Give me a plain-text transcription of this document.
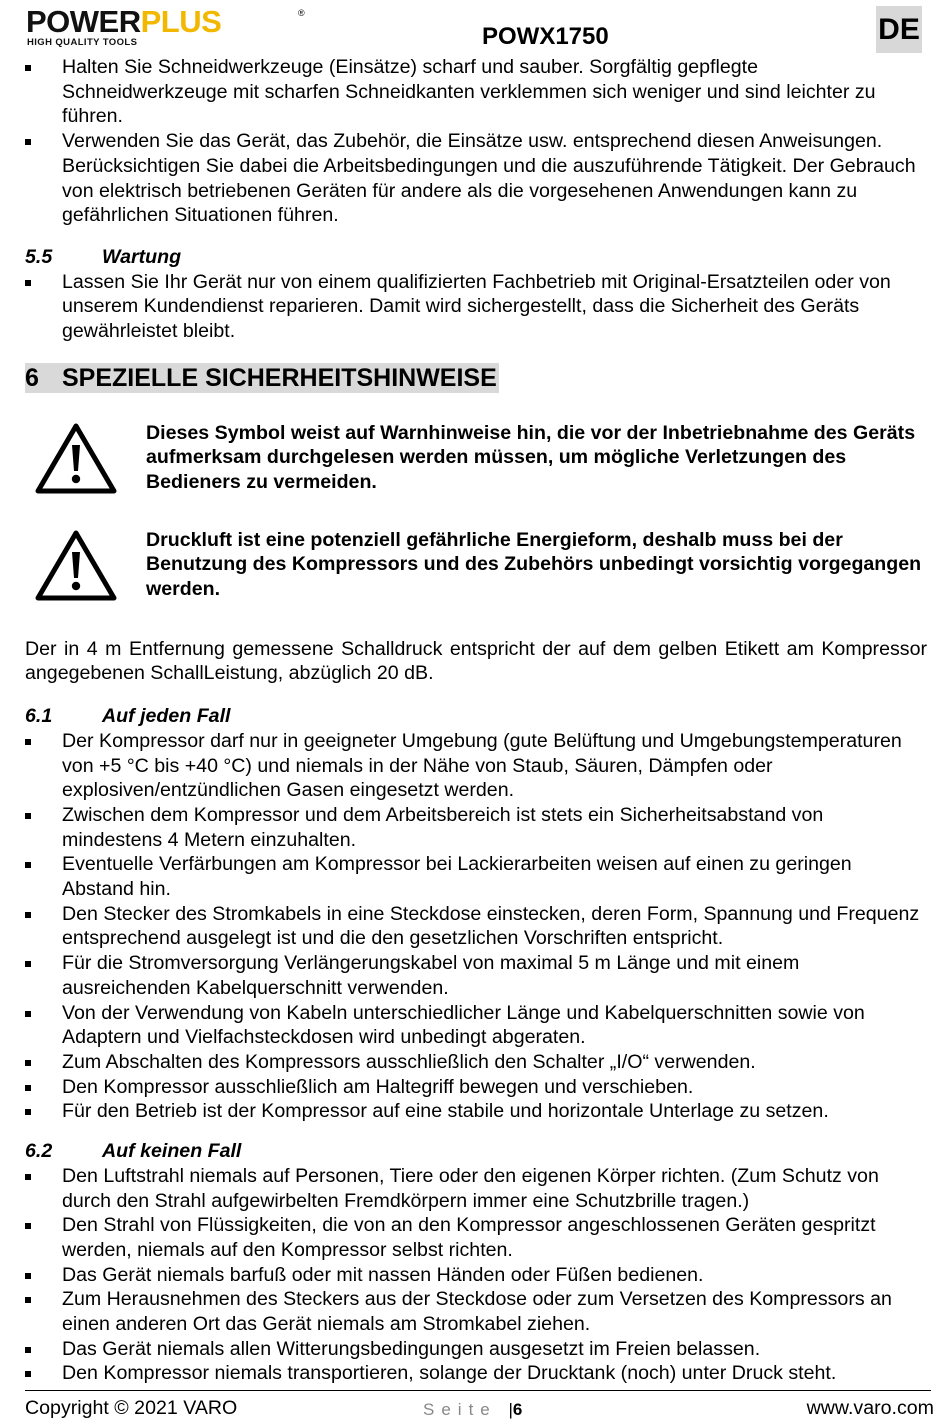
POWERPLUS	®
HIGH QUALITY TOOLS	POWX1750	DE
Halten Sie Schneidwerkzeuge (Einsätze) scharf und sauber. Sorgfältig gepflegte Schneidwerkzeuge mit scharfen Schneidkanten verklemmen sich weniger und sind leichter zu führen.
Verwenden Sie das Gerät, das Zubehör, die Einsätze usw. entsprechend diesen Anweisungen. Berücksichtigen Sie dabei die Arbeitsbedingungen und die auszuführende Tätigkeit. Der Gebrauch von elektrisch betriebenen Geräten für andere als die vorgesehenen Anwendungen kann zu gefährlichen Situationen führen.
5.5	Wartung
Lassen Sie Ihr Gerät nur von einem qualifizierten Fachbetrieb mit Original-Ersatzteilen oder von unserem Kundendienst reparieren. Damit wird sichergestellt, dass die Sicherheit des Geräts gewährleistet bleibt.
6 SPEZIELLE SICHERHEITSHINWEISE
Dieses Symbol weist auf Warnhinweise hin, die vor der Inbetriebnahme des Geräts aufmerksam durchgelesen werden müssen, um mögliche Verletzungen des Bedieners zu vermeiden.
Druckluft ist eine potenziell gefährliche Energieform, deshalb muss bei der Benutzung des Kompressors und des Zubehörs unbedingt vorsichtig vorgegangen werden.
Der in 4 m Entfernung gemessene Schalldruck entspricht der auf dem gelben Etikett am Kompressor angegebenen SchallLeistung, abzüglich 20 dB.
6.1	Auf jeden Fall
Der Kompressor darf nur in geeigneter Umgebung (gute Belüftung und Umgebungstemperaturen von +5 °C bis +40 °C) und niemals in der Nähe von Staub, Säuren, Dämpfen oder explosiven/entzündlichen Gasen eingesetzt werden.
Zwischen dem Kompressor und dem Arbeitsbereich ist stets ein Sicherheitsabstand von mindestens 4 Metern einzuhalten.
Eventuelle Verfärbungen am Kompressor bei Lackierarbeiten weisen auf einen zu geringen Abstand hin.
Den Stecker des Stromkabels in eine Steckdose einstecken, deren Form, Spannung und Frequenz entsprechend ausgelegt ist und die den gesetzlichen Vorschriften entspricht.
Für die Stromversorgung Verlängerungskabel von maximal 5 m Länge und mit einem ausreichenden Kabelquerschnitt verwenden.
Von der Verwendung von Kabeln unterschiedlicher Länge und Kabelquerschnitten sowie von Adaptern und Vielfachsteckdosen wird unbedingt abgeraten.
Zum Abschalten des Kompressors ausschließlich den Schalter „I/O“ verwenden.
Den Kompressor ausschließlich am Haltegriff bewegen und verschieben.
Für den Betrieb ist der Kompressor auf eine stabile und horizontale Unterlage zu setzen.
6.2	Auf keinen Fall
Den Luftstrahl niemals auf Personen, Tiere oder den eigenen Körper richten. (Zum Schutz von durch den Strahl aufgewirbelten Fremdkörpern immer eine Schutzbrille tragen.)
Den Strahl von Flüssigkeiten, die von an den Kompressor angeschlossenen Geräten gespritzt werden, niemals auf den Kompressor selbst richten.
Das Gerät niemals barfuß oder mit nassen Händen oder Füßen bedienen.
Zum Herausnehmen des Steckers aus der Steckdose oder zum Versetzen des Kompressors an einen anderen Ort das Gerät niemals am Stromkabel ziehen.
Das Gerät niemals allen Witterungsbedingungen ausgesetzt im Freien belassen.
Den Kompressor niemals transportieren, solange der Drucktank (noch) unter Druck steht.
Copyright © 2021 VARO	Seite |6	www.varo.com
